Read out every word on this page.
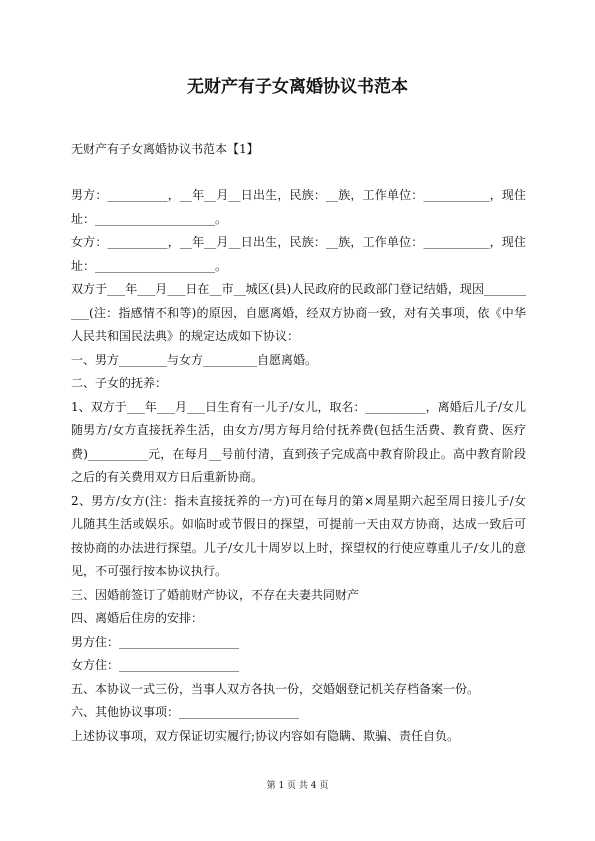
无财产有子女离婚协议书范本
无财产有子女离婚协议书范本【1】

男方：__________，__年__月__日出生，民族：__族，工作单位：___________，现住址：____________________。

女方：__________，__年__月__日出生，民族：__族，工作单位：___________，现住址：____________________。

双方于___年___月___日在__市__城区(县)人民政府的民政部门登记结婚，现因__________(注：指感情不和等)的原因，自愿离婚，经双方协商一致，对有关事项，依《中华人民共和国民法典》的规定达成如下协议：

一、男方________与女方_________自愿离婚。

二、子女的抚养：

1、双方于___年___月___日生育有一儿子/女儿，取名：__________，离婚后儿子/女儿随男方/女方直接抚养生活，由女方/男方每月给付抚养费(包括生活费、教育费、医疗费)__________元，在每月__号前付清，直到孩子完成高中教育阶段止。高中教育阶段之后的有关费用双方日后重新协商。

2、男方/女方(注：指未直接抚养的一方)可在每月的第×周星期六起至周日接儿子/女儿随其生活或娱乐。如临时或节假日的探望，可提前一天由双方协商，达成一致后可按协商的办法进行探望。儿子/女儿十周岁以上时，探望权的行使应尊重儿子/女儿的意见，不可强行按本协议执行。

三、因婚前签订了婚前财产协议，不存在夫妻共同财产

四、离婚后住房的安排：

男方住：____________________

女方住：____________________

五、本协议一式三份，当事人双方各执一份，交婚姻登记机关存档备案一份。

六、其他协议事项：____________________

上述协议事项，双方保证切实履行;协议内容如有隐瞒、欺骗、责任自负。

第 1 页 共 4 页
